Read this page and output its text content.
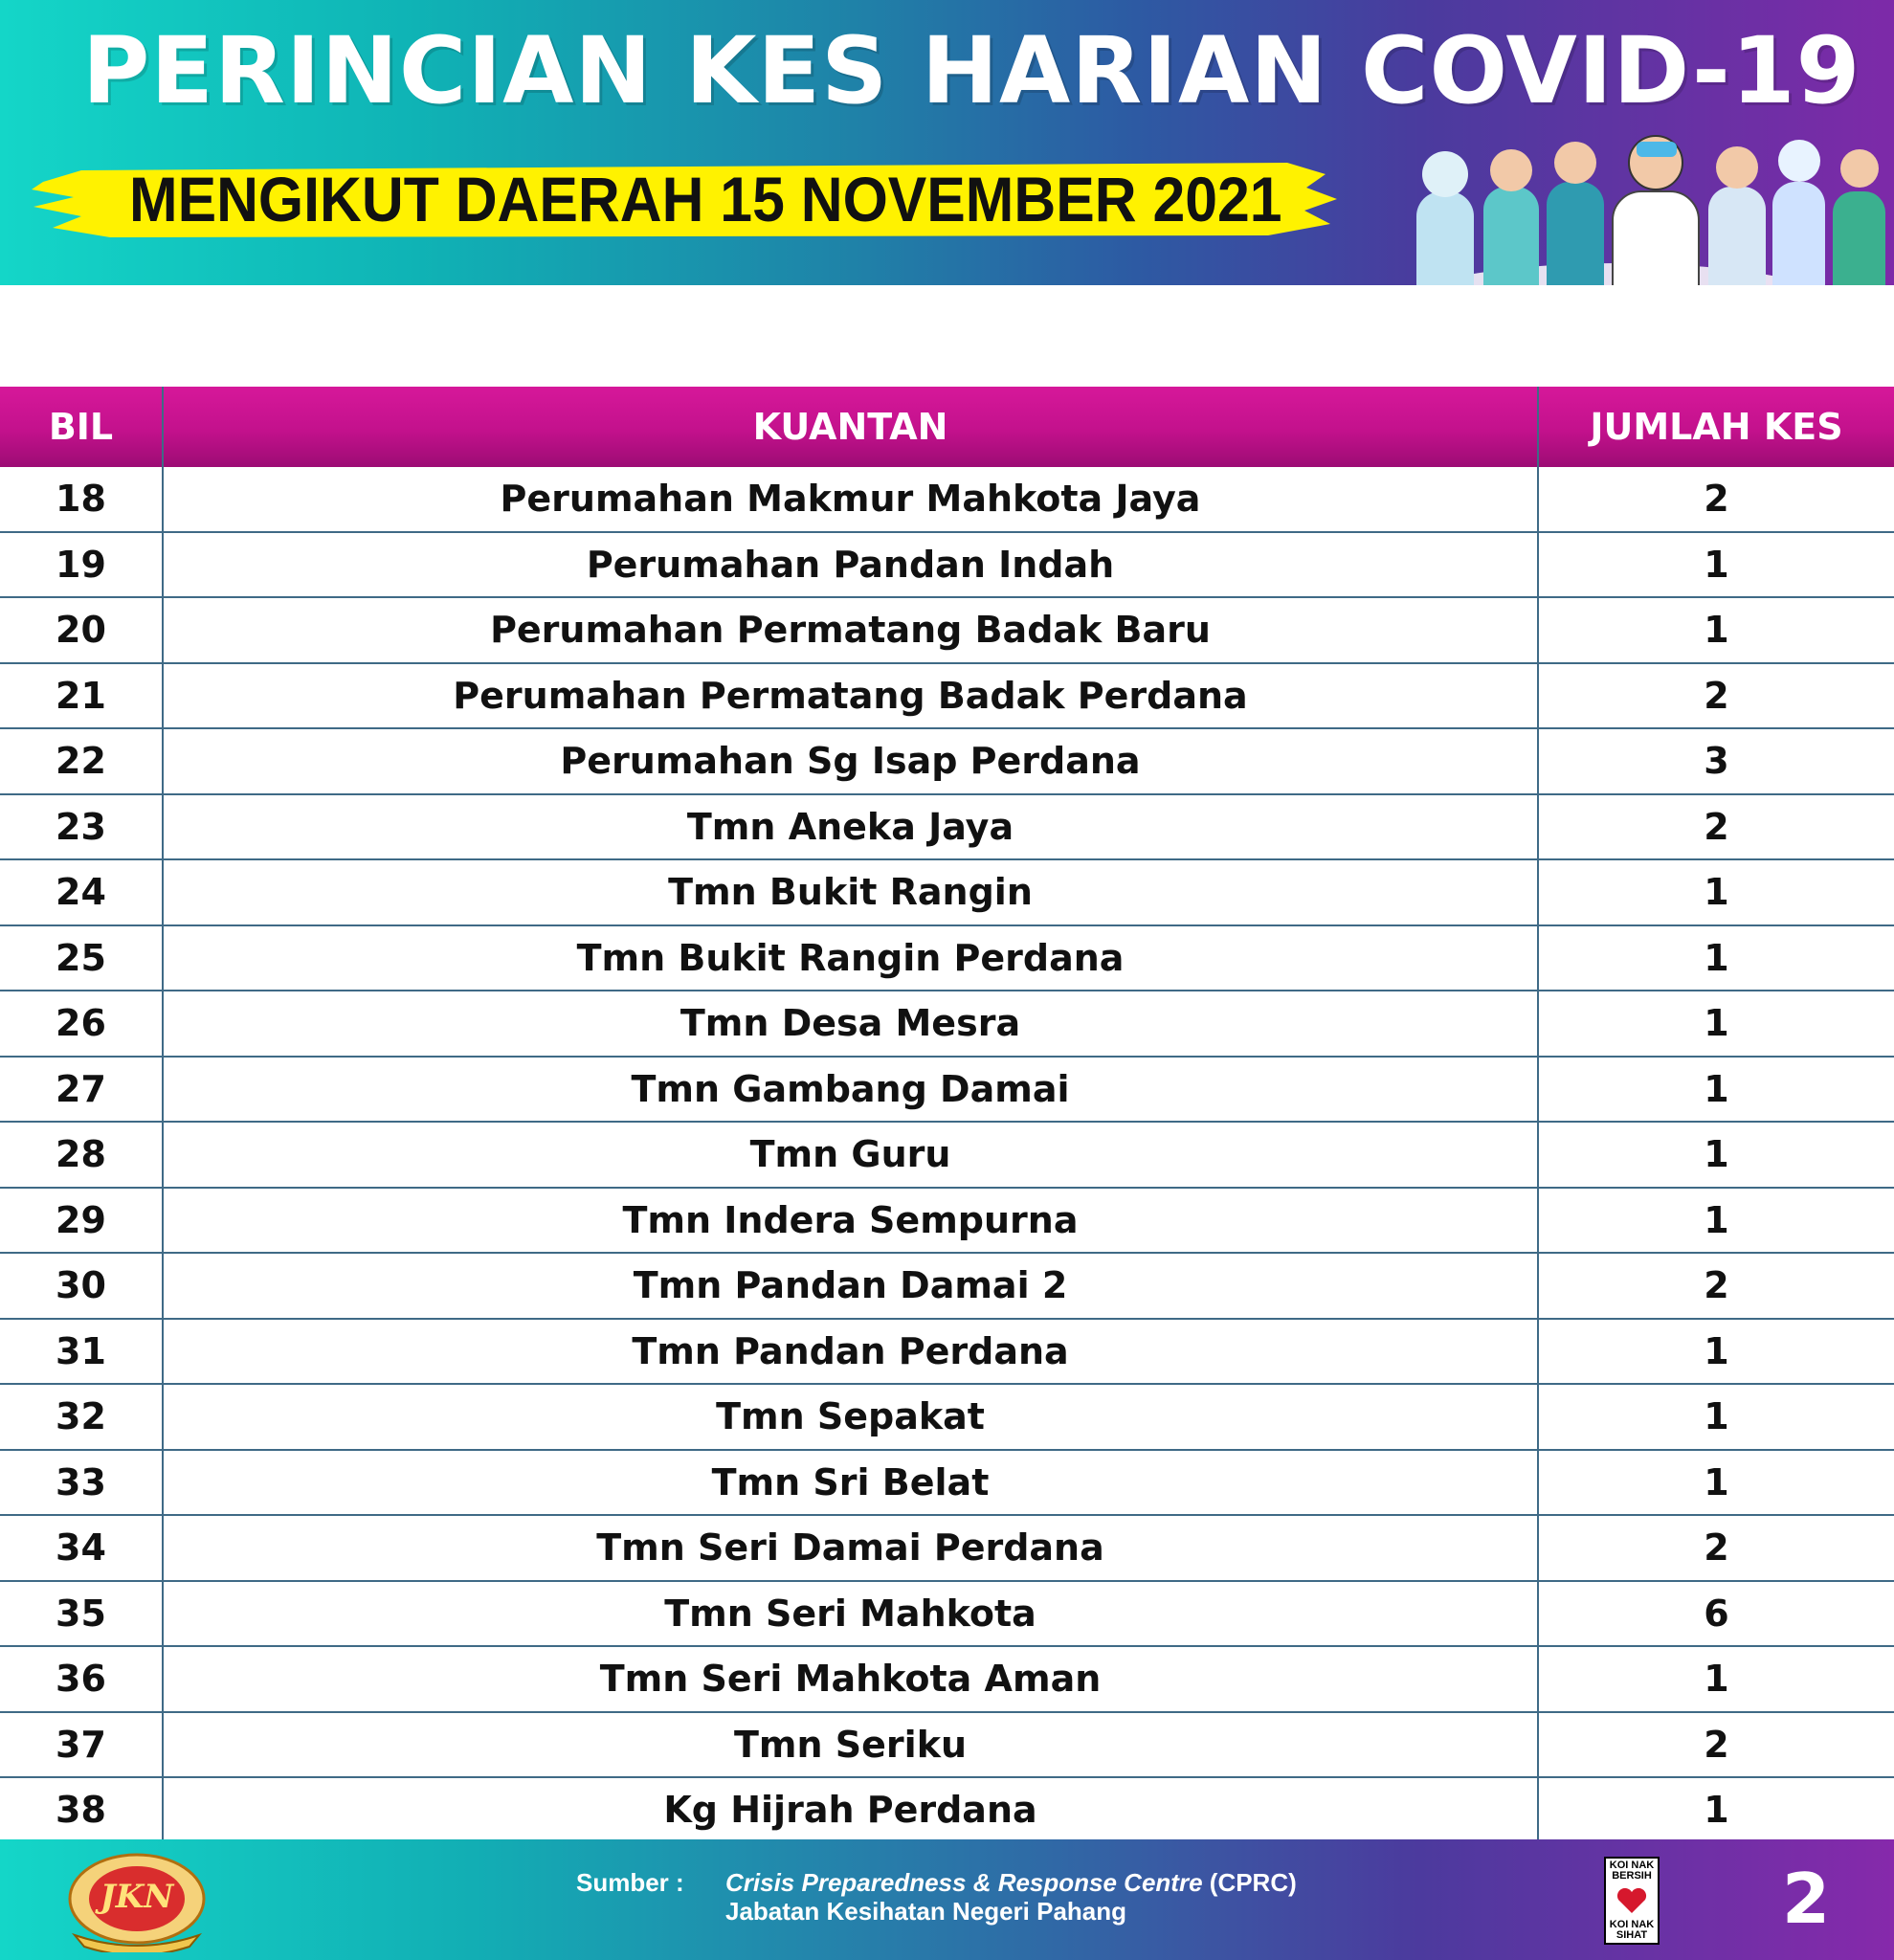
PERINCIAN KES HARIAN COVID-19
MENGIKUT DAERAH 15 NOVEMBER 2021
BIL	KUANTAN	JUMLAH KES
18	Perumahan Makmur Mahkota Jaya	2
19	Perumahan Pandan Indah	1
20	Perumahan Permatang Badak Baru	1
21	Perumahan Permatang Badak Perdana	2
22	Perumahan Sg Isap Perdana	3
23	Tmn Aneka Jaya	2
24	Tmn Bukit Rangin	1
25	Tmn Bukit Rangin Perdana	1
26	Tmn Desa Mesra	1
27	Tmn Gambang Damai	1
28	Tmn Guru	1
29	Tmn Indera Sempurna	1
30	Tmn Pandan Damai 2	2
31	Tmn Pandan Perdana	1
32	Tmn Sepakat	1
33	Tmn Sri Belat	1
34	Tmn Seri Damai Perdana	2
35	Tmn Seri Mahkota	6
36	Tmn Seri Mahkota Aman	1
37	Tmn Seriku	2
38	Kg Hijrah Perdana	1
JKN	Sumber : Crisis Preparedness & Response Centre (CPRC)
Jabatan Kesihatan Negeri Pahang
KOI NAK BERSIH
KOI NAK SIHAT 2
